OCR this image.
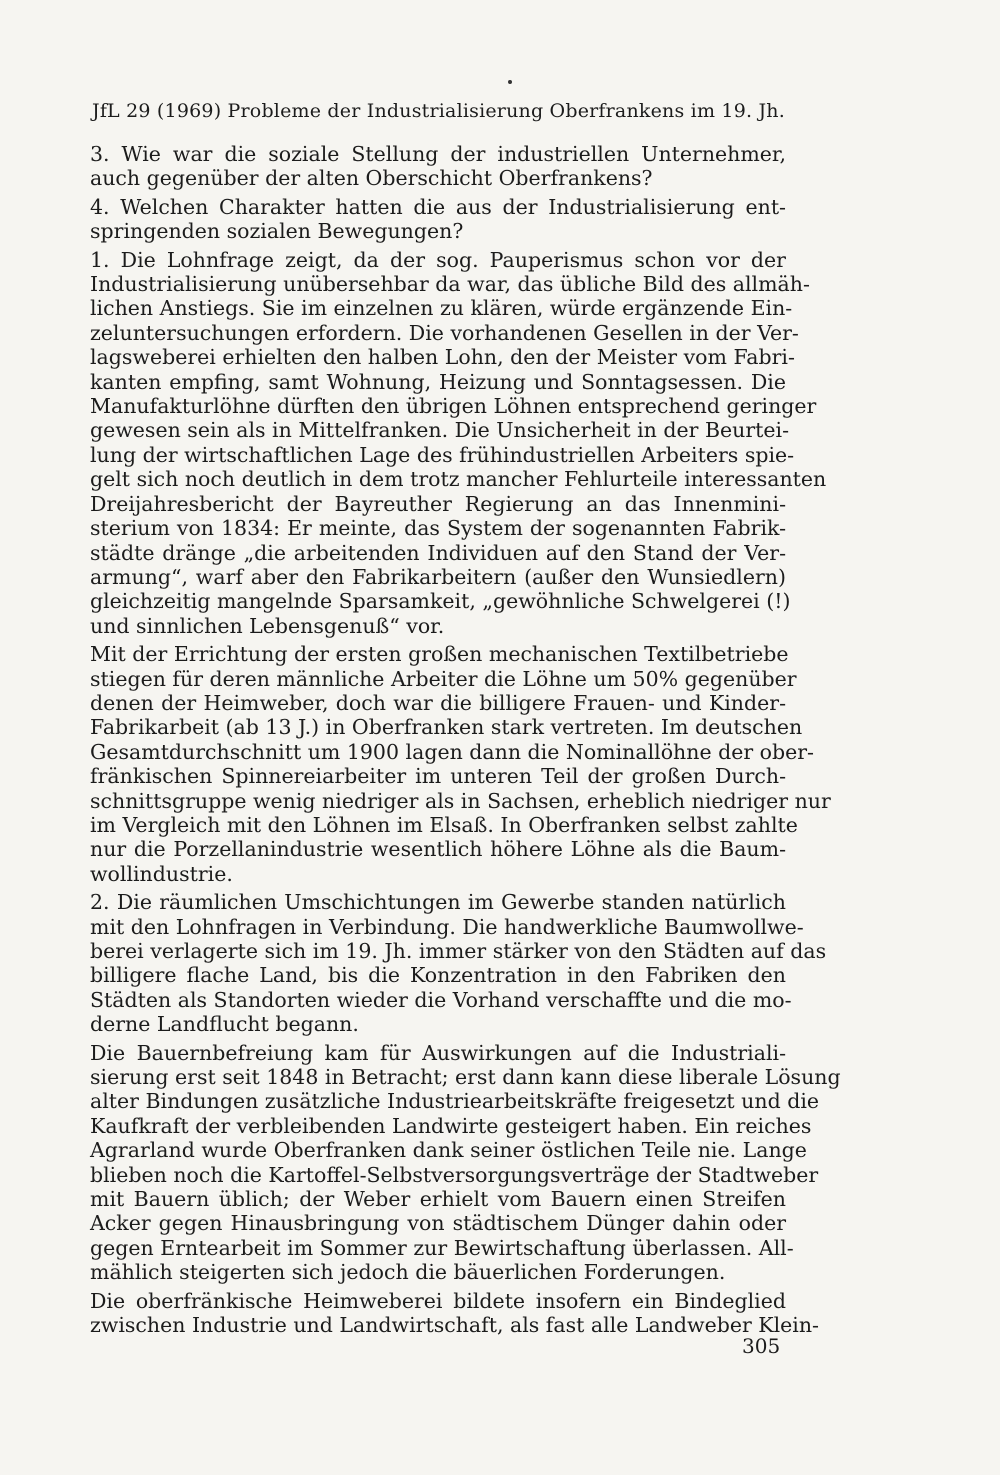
JfL 29 (1969) Probleme der Industrialisierung Oberfrankens im 19. Jh.
3. Wie war die soziale Stellung der industriellen Unternehmer,
auch gegenüber der alten Oberschicht Oberfrankens?
4. Welchen Charakter hatten die aus der Industrialisierung ent-
springenden sozialen Bewegungen?
1. Die Lohnfrage zeigt, da der sog. Pauperismus schon vor der
Industrialisierung unübersehbar da war, das übliche Bild des allmäh-
lichen Anstiegs. Sie im einzelnen zu klären, würde ergänzende Ein-
zeluntersuchungen erfordern. Die vorhandenen Gesellen in der Ver-
lagsweberei erhielten den halben Lohn, den der Meister vom Fabri-
kanten empfing, samt Wohnung, Heizung und Sonntagsessen. Die
Manufakturlöhne dürften den übrigen Löhnen entsprechend geringer
gewesen sein als in Mittelfranken. Die Unsicherheit in der Beurtei-
lung der wirtschaftlichen Lage des frühindustriellen Arbeiters spie-
gelt sich noch deutlich in dem trotz mancher Fehlurteile interessanten
Dreijahresbericht der Bayreuther Regierung an das Innenmini-
sterium von 1834: Er meinte, das System der sogenannten Fabrik-
städte dränge „die arbeitenden Individuen auf den Stand der Ver-
armung“, warf aber den Fabrikarbeitern (außer den Wunsiedlern)
gleichzeitig mangelnde Sparsamkeit, „gewöhnliche Schwelgerei (!)
und sinnlichen Lebensgenuß“ vor.
Mit der Errichtung der ersten großen mechanischen Textilbetriebe
stiegen für deren männliche Arbeiter die Löhne um 50% gegenüber
denen der Heimweber, doch war die billigere Frauen- und Kinder-
Fabrikarbeit (ab 13 J.) in Oberfranken stark vertreten. Im deutschen
Gesamtdurchschnitt um 1900 lagen dann die Nominallöhne der ober-
fränkischen Spinnereiarbeiter im unteren Teil der großen Durch-
schnittsgruppe wenig niedriger als in Sachsen, erheblich niedriger nur
im Vergleich mit den Löhnen im Elsaß. In Oberfranken selbst zahlte
nur die Porzellanindustrie wesentlich höhere Löhne als die Baum-
wollindustrie.
2. Die räumlichen Umschichtungen im Gewerbe standen natürlich
mit den Lohnfragen in Verbindung. Die handwerkliche Baumwollwe-
berei verlagerte sich im 19. Jh. immer stärker von den Städten auf das
billigere flache Land, bis die Konzentration in den Fabriken den
Städten als Standorten wieder die Vorhand verschaffte und die mo-
derne Landflucht begann.
Die Bauernbefreiung kam für Auswirkungen auf die Industriali-
sierung erst seit 1848 in Betracht; erst dann kann diese liberale Lösung
alter Bindungen zusätzliche Industriearbeitskräfte freigesetzt und die
Kaufkraft der verbleibenden Landwirte gesteigert haben. Ein reiches
Agrarland wurde Oberfranken dank seiner östlichen Teile nie. Lange
blieben noch die Kartoffel-Selbstversorgungsverträge der Stadtweber
mit Bauern üblich; der Weber erhielt vom Bauern einen Streifen
Acker gegen Hinausbringung von städtischem Dünger dahin oder
gegen Erntearbeit im Sommer zur Bewirtschaftung überlassen. All-
mählich steigerten sich jedoch die bäuerlichen Forderungen.
Die oberfränkische Heimweberei bildete insofern ein Bindeglied
zwischen Industrie und Landwirtschaft, als fast alle Landweber Klein-
305
